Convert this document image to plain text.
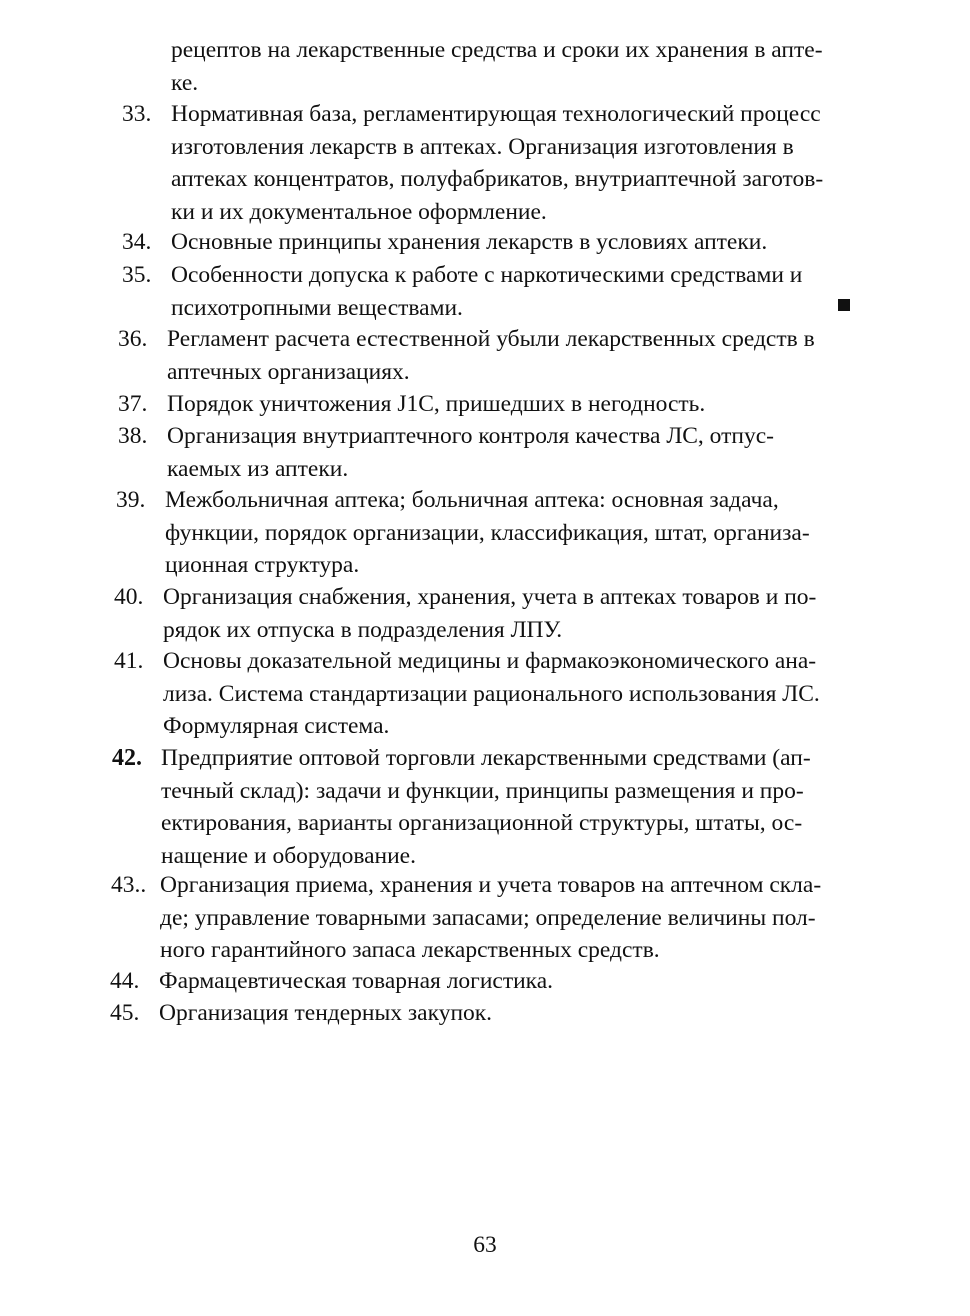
рецептов на лекарственные средства и сроки их хранения в апте-
ке.
33. Нормативная база, регламентирующая технологический процесс
изготовления лекарств в аптеках. Организация изготовления в
аптеках концентратов, полуфабрикатов, внутриаптечной заготов-
ки и их документальное оформление.
34. Основные принципы хранения лекарств в условиях аптеки.
35. Особенности допуска к работе с наркотическими средствами и
психотропными веществами.
36. Регламент расчета естественной убыли лекарственных средств в
аптечных организациях.
37. Порядок уничтожения J1C, пришедших в негодность.
38. Организация внутриаптечного контроля качества ЛС, отпус-
каемых из аптеки.
39. Межбольничная аптека; больничная аптека: основная задача,
функции, порядок организации, классификация, штат, организа-
ционная структура.
40. Организация снабжения, хранения, учета в аптеках товаров и по-
рядок их отпуска в подразделения ЛПУ.
41. Основы доказательной медицины и фармакоэкономического ана-
лиза. Система стандартизации рационального использования ЛС.
Формулярная система.
42. Предприятие оптовой торговли лекарственными средствами (ап-
течный склад): задачи и функции, принципы размещения и про-
ектирования, варианты организационной структуры, штаты, ос-
нащение и оборудование.
43.. Организация приема, хранения и учета товаров на аптечном скла-
де; управление товарными запасами; определение величины пол-
ного гарантийного запаса лекарственных средств.
44. Фармацевтическая товарная логистика.
45. Организация тендерных закупок.
63
